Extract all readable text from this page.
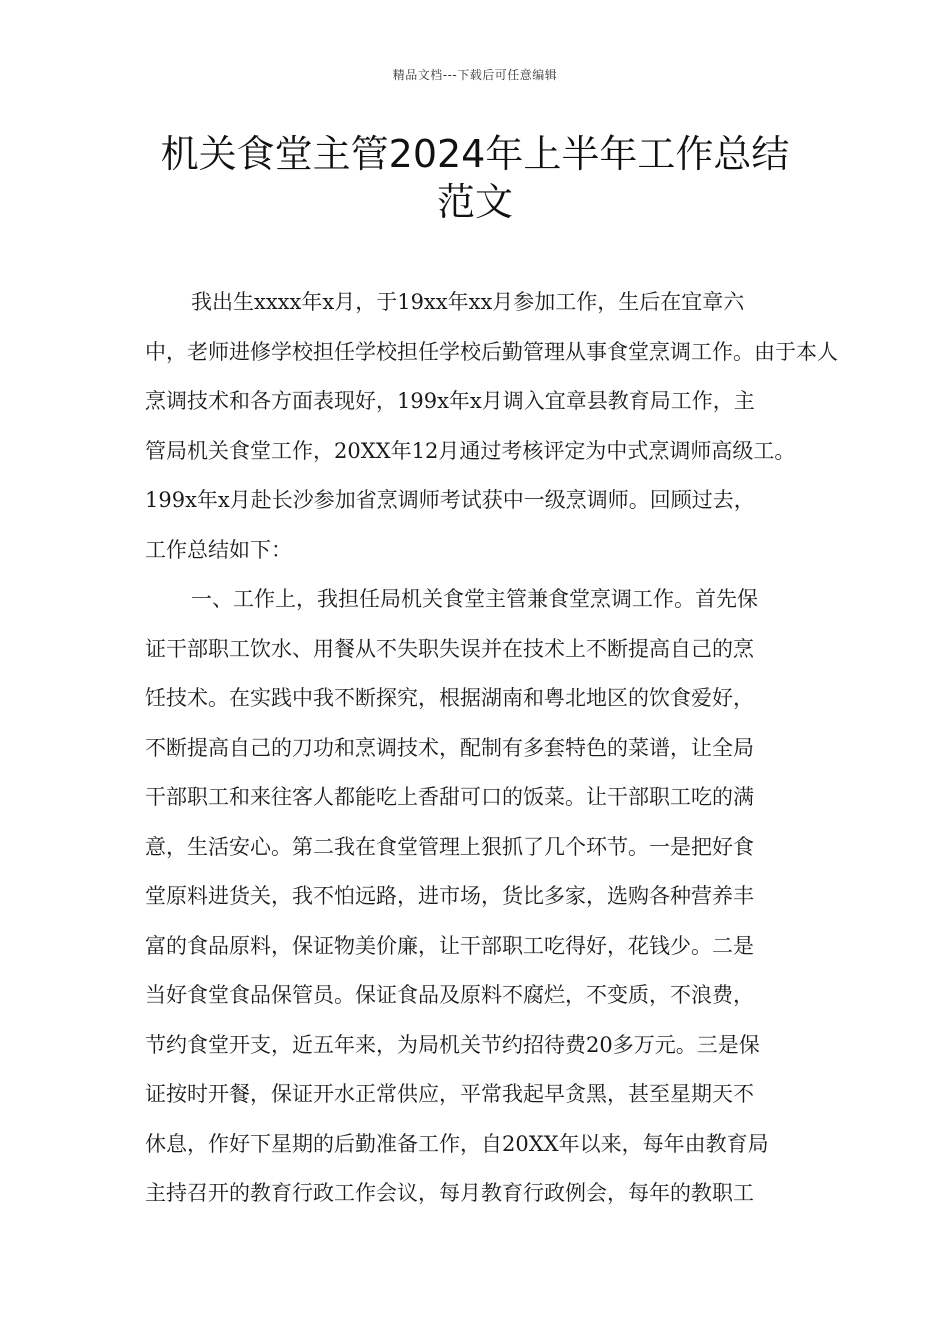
精品文档---下载后可任意编辑
机关食堂主管2024年上半年工作总结
范文
我出生xxxx年x月，于19xx年xx月参加工作，生后在宜章六
中，老师进修学校担任学校担任学校后勤管理从事食堂烹调工作。由于本人
烹调技术和各方面表现好，199x年x月调入宜章县教育局工作，主
管局机关食堂工作，20XX年12月通过考核评定为中式烹调师高级工。
199x年x月赴长沙参加省烹调师考试获中一级烹调师。回顾过去，
工作总结如下：
一、工作上，我担任局机关食堂主管兼食堂烹调工作。首先保
证干部职工饮水、用餐从不失职失误并在技术上不断提高自己的烹
饪技术。在实践中我不断探究，根据湖南和粤北地区的饮食爱好，
不断提高自己的刀功和烹调技术，配制有多套特色的菜谱，让全局
干部职工和来往客人都能吃上香甜可口的饭菜。让干部职工吃的满
意，生活安心。第二我在食堂管理上狠抓了几个环节。一是把好食
堂原料进货关，我不怕远路，进市场，货比多家，选购各种营养丰
富的食品原料，保证物美价廉，让干部职工吃得好，花钱少。二是
当好食堂食品保管员。保证食品及原料不腐烂，不变质，不浪费，
节约食堂开支，近五年来，为局机关节约招待费20多万元。三是保
证按时开餐，保证开水正常供应，平常我起早贪黑，甚至星期天不
休息，作好下星期的后勤准备工作，自20XX年以来，每年由教育局
主持召开的教育行政工作会议，每月教育行政例会，每年的教职工
